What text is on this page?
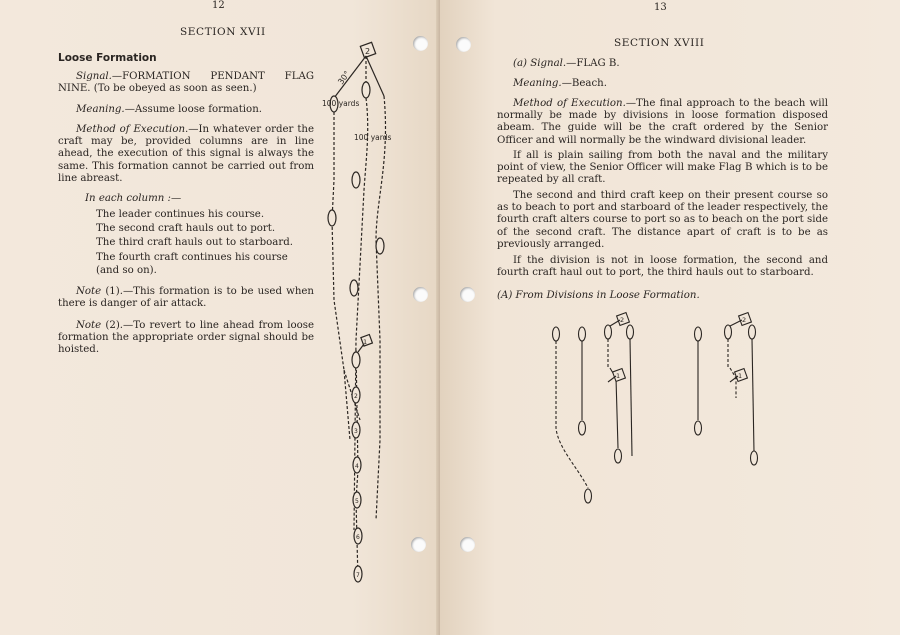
12
SECTION XVII
Loose Formation
Signal.—FORMATION PENDANT FLAG NINE. (To be obeyed as soon as seen.)
Meaning.—Assume loose formation.
Method of Execution.—In whatever order the craft may be, provided columns are in line ahead, the execution of this signal is always the same. This formation cannot be carried out from line abreast.
In each column :—
The leader continues his course.
The second craft hauls out to port.
The third craft hauls out to starboard.
The fourth craft continues his course
(and so on).
Note (1).—This formation is to be used when there is danger of air attack.
Note (2).—To revert to line ahead from loose formation the appropriate order signal should be hoisted.
2
30°
100 yards
100 yards
1
2
3
4
5
6
7
13
SECTION XVIII
(a) Signal.—FLAG B.
Meaning.—Beach.
Method of Execution.—The final approach to the beach will normally be made by divisions in loose formation disposed abeam. The guide will be the craft ordered by the Senior Officer and will normally be the windward divisional leader.
If all is plain sailing from both the naval and the military point of view, the Senior Officer will make Flag B which is to be repeated by all craft.
The second and third craft keep on their present course so as to beach to port and starboard of the leader respectively, the fourth craft alters course to port so as to beach on the port side of the second craft. The distance apart of craft is to be as previously arranged.
If the division is not in loose formation, the second and fourth craft haul out to port, the third hauls out to starboard.
(A) From Divisions in Loose Formation.
2
1
2
1
